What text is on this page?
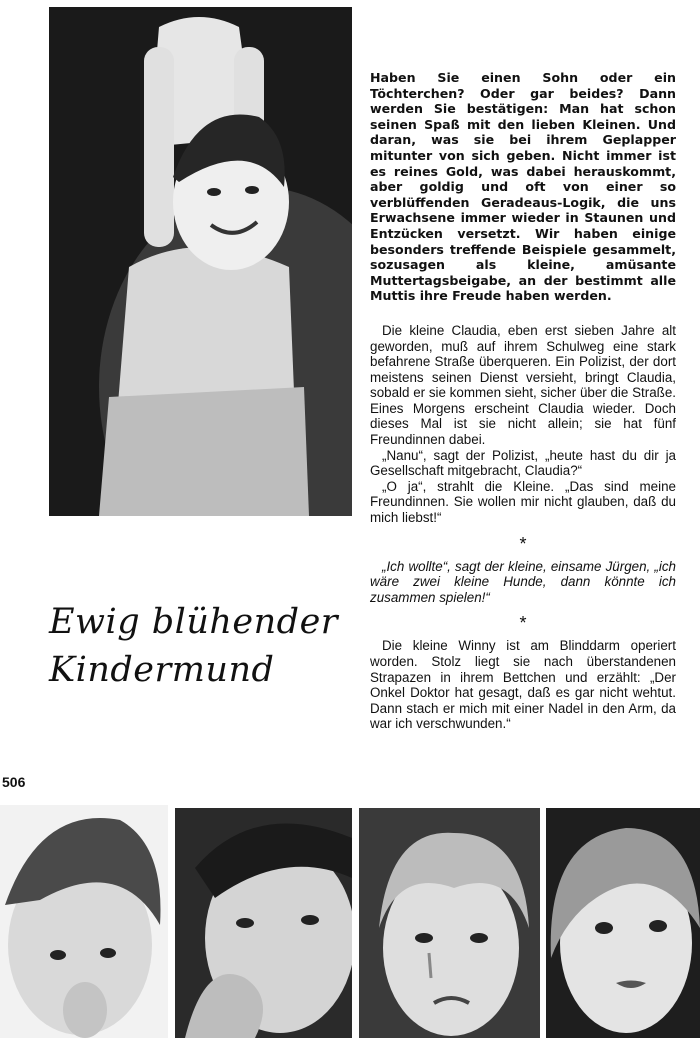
Ewig blühender
Kindermund
506

Haben Sie einen Sohn oder ein Töchterchen? Oder gar beides? Dann werden Sie bestätigen: Man hat schon seinen Spaß mit den lieben Kleinen. Und daran, was sie bei ihrem Geplapper mitunter von sich geben. Nicht immer ist es reines Gold, was dabei herauskommt, aber goldig und oft von einer so verblüffenden Geradeaus-Logik, die uns Erwachsene immer wieder in Staunen und Entzücken versetzt. Wir haben einige besonders treffende Beispiele gesammelt, sozusagen als kleine, amüsante Muttertagsbeigabe, an der bestimmt alle Muttis ihre Freude haben werden.

Die kleine Claudia, eben erst sieben Jahre alt geworden, muß auf ihrem Schulweg eine stark befahrene Straße überqueren. Ein Polizist, der dort meistens seinen Dienst versieht, bringt Claudia, sobald er sie kommen sieht, sicher über die Straße. Eines Morgens erscheint Claudia wieder. Doch dieses Mal ist sie nicht allein; sie hat fünf Freundinnen dabei.

„Nanu“, sagt der Polizist, „heute hast du dir ja Gesellschaft mitgebracht, Claudia?“

„O ja“, strahlt die Kleine. „Das sind meine Freundinnen. Sie wollen mir nicht glauben, daß du mich liebst!“

*

„Ich wollte“, sagt der kleine, einsame Jürgen, „ich wäre zwei kleine Hunde, dann könnte ich zusammen spielen!“

*

Die kleine Winny ist am Blinddarm operiert worden. Stolz liegt sie nach überstandenen Strapazen in ihrem Bettchen und erzählt: „Der Onkel Doktor hat gesagt, daß es gar nicht wehtut. Dann stach er mich mit einer Nadel in den Arm, da war ich verschwunden.“
